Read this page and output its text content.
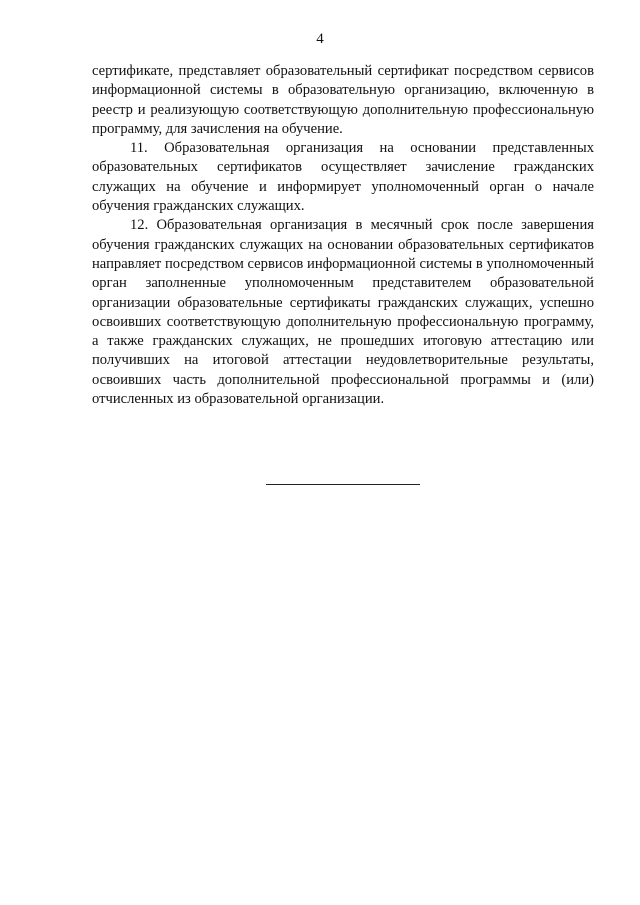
4

сертификате, представляет образовательный сертификат посредством сервисов информационной системы в образовательную организацию, включенную в реестр и реализующую соответствующую дополнительную профессиональную программу, для зачисления на обучение.

11. Образовательная организация на основании представленных образовательных сертификатов осуществляет зачисление гражданских служащих на обучение и информирует уполномоченный орган о начале обучения гражданских служащих.

12. Образовательная организация в месячный срок после завершения обучения гражданских служащих на основании образовательных сертификатов направляет посредством сервисов информационной системы в уполномоченный орган заполненные уполномоченным представителем образовательной организации образовательные сертификаты гражданских служащих, успешно освоивших соответствующую дополнительную профессиональную программу, а также гражданских служащих, не прошедших итоговую аттестацию или получивших на итоговой аттестации неудовлетворительные результаты, освоивших часть дополнительной профессиональной программы и (или) отчисленных из образовательной организации.
